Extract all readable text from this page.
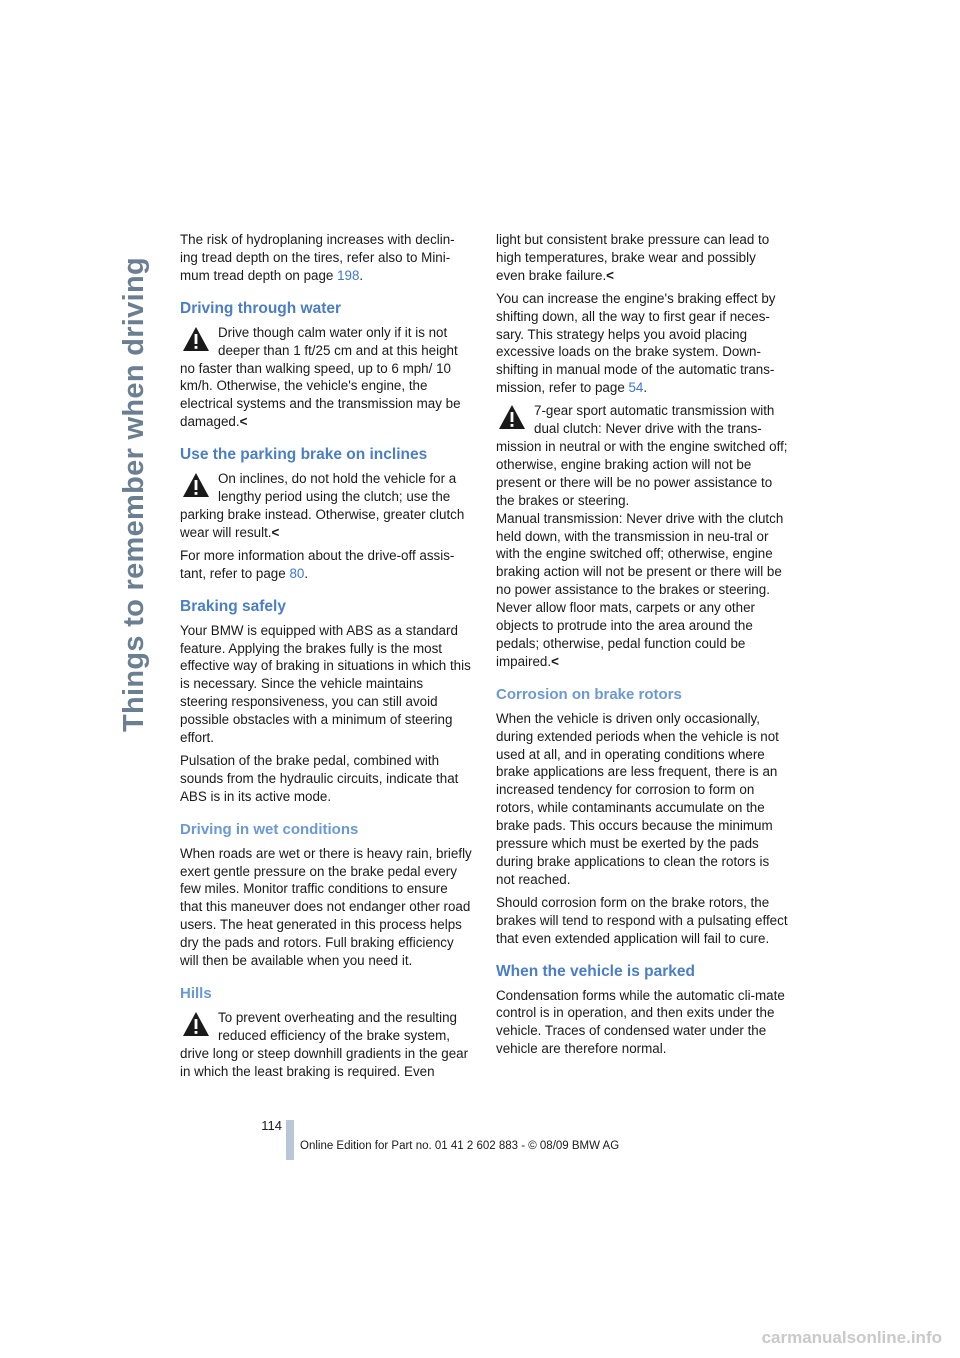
Things to remember when driving

The risk of hydroplaning increases with declin-ing tread depth on the tires, refer also to Mini-mum tread depth on page 198.

Driving through water
Drive though calm water only if it is not deeper than 1 ft/25 cm and at this height no faster than walking speed, up to 6 mph/ 10 km/h. Otherwise, the vehicle's engine, the electrical systems and the transmission may be damaged.<
Use the parking brake on inclines
On inclines, do not hold the vehicle for a lengthy period using the clutch; use the parking brake instead. Otherwise, greater clutch wear will result.<

For more information about the drive-off assis-tant, refer to page 80.

Braking safely

Your BMW is equipped with ABS as a standard feature. Applying the brakes fully is the most effective way of braking in situations in which this is necessary. Since the vehicle maintains steering responsiveness, you can still avoid possible obstacles with a minimum of steering effort.

Pulsation of the brake pedal, combined with sounds from the hydraulic circuits, indicate that ABS is in its active mode.

Driving in wet conditions

When roads are wet or there is heavy rain, briefly exert gentle pressure on the brake pedal every few miles. Monitor traffic conditions to ensure that this maneuver does not endanger other road users. The heat generated in this process helps dry the pads and rotors. Full braking efficiency will then be available when you need it.

Hills
To prevent overheating and the resulting reduced efficiency of the brake system, drive long or steep downhill gradients in the gear in which the least braking is required. Even

light but consistent brake pressure can lead to high temperatures, brake wear and possibly even brake failure.<

You can increase the engine's braking effect by shifting down, all the way to first gear if neces-sary. This strategy helps you avoid placing excessive loads on the brake system. Down-shifting in manual mode of the automatic trans-mission, refer to page 54.

7-gear sport automatic transmission with dual clutch: Never drive with the trans-mission in neutral or with the engine switched off; otherwise, engine braking action will not be present or there will be no power assistance to the brakes or steering.
Manual transmission: Never drive with the clutch held down, with the transmission in neu-tral or with the engine switched off; otherwise, engine braking action will not be present or there will be no power assistance to the brakes or steering.
Never allow floor mats, carpets or any other objects to protrude into the area around the pedals; otherwise, pedal function could be impaired.<
Corrosion on brake rotors

When the vehicle is driven only occasionally, during extended periods when the vehicle is not used at all, and in operating conditions where brake applications are less frequent, there is an increased tendency for corrosion to form on rotors, while contaminants accumulate on the brake pads. This occurs because the minimum pressure which must be exerted by the pads during brake applications to clean the rotors is not reached.

Should corrosion form on the brake rotors, the brakes will tend to respond with a pulsating effect that even extended application will fail to cure.

When the vehicle is parked

Condensation forms while the automatic cli-mate control is in operation, and then exits under the vehicle. Traces of condensed water under the vehicle are therefore normal.

114
Online Edition for Part no. 01 41 2 602 883 - © 08/09 BMW AG
carmanualsonline.info
